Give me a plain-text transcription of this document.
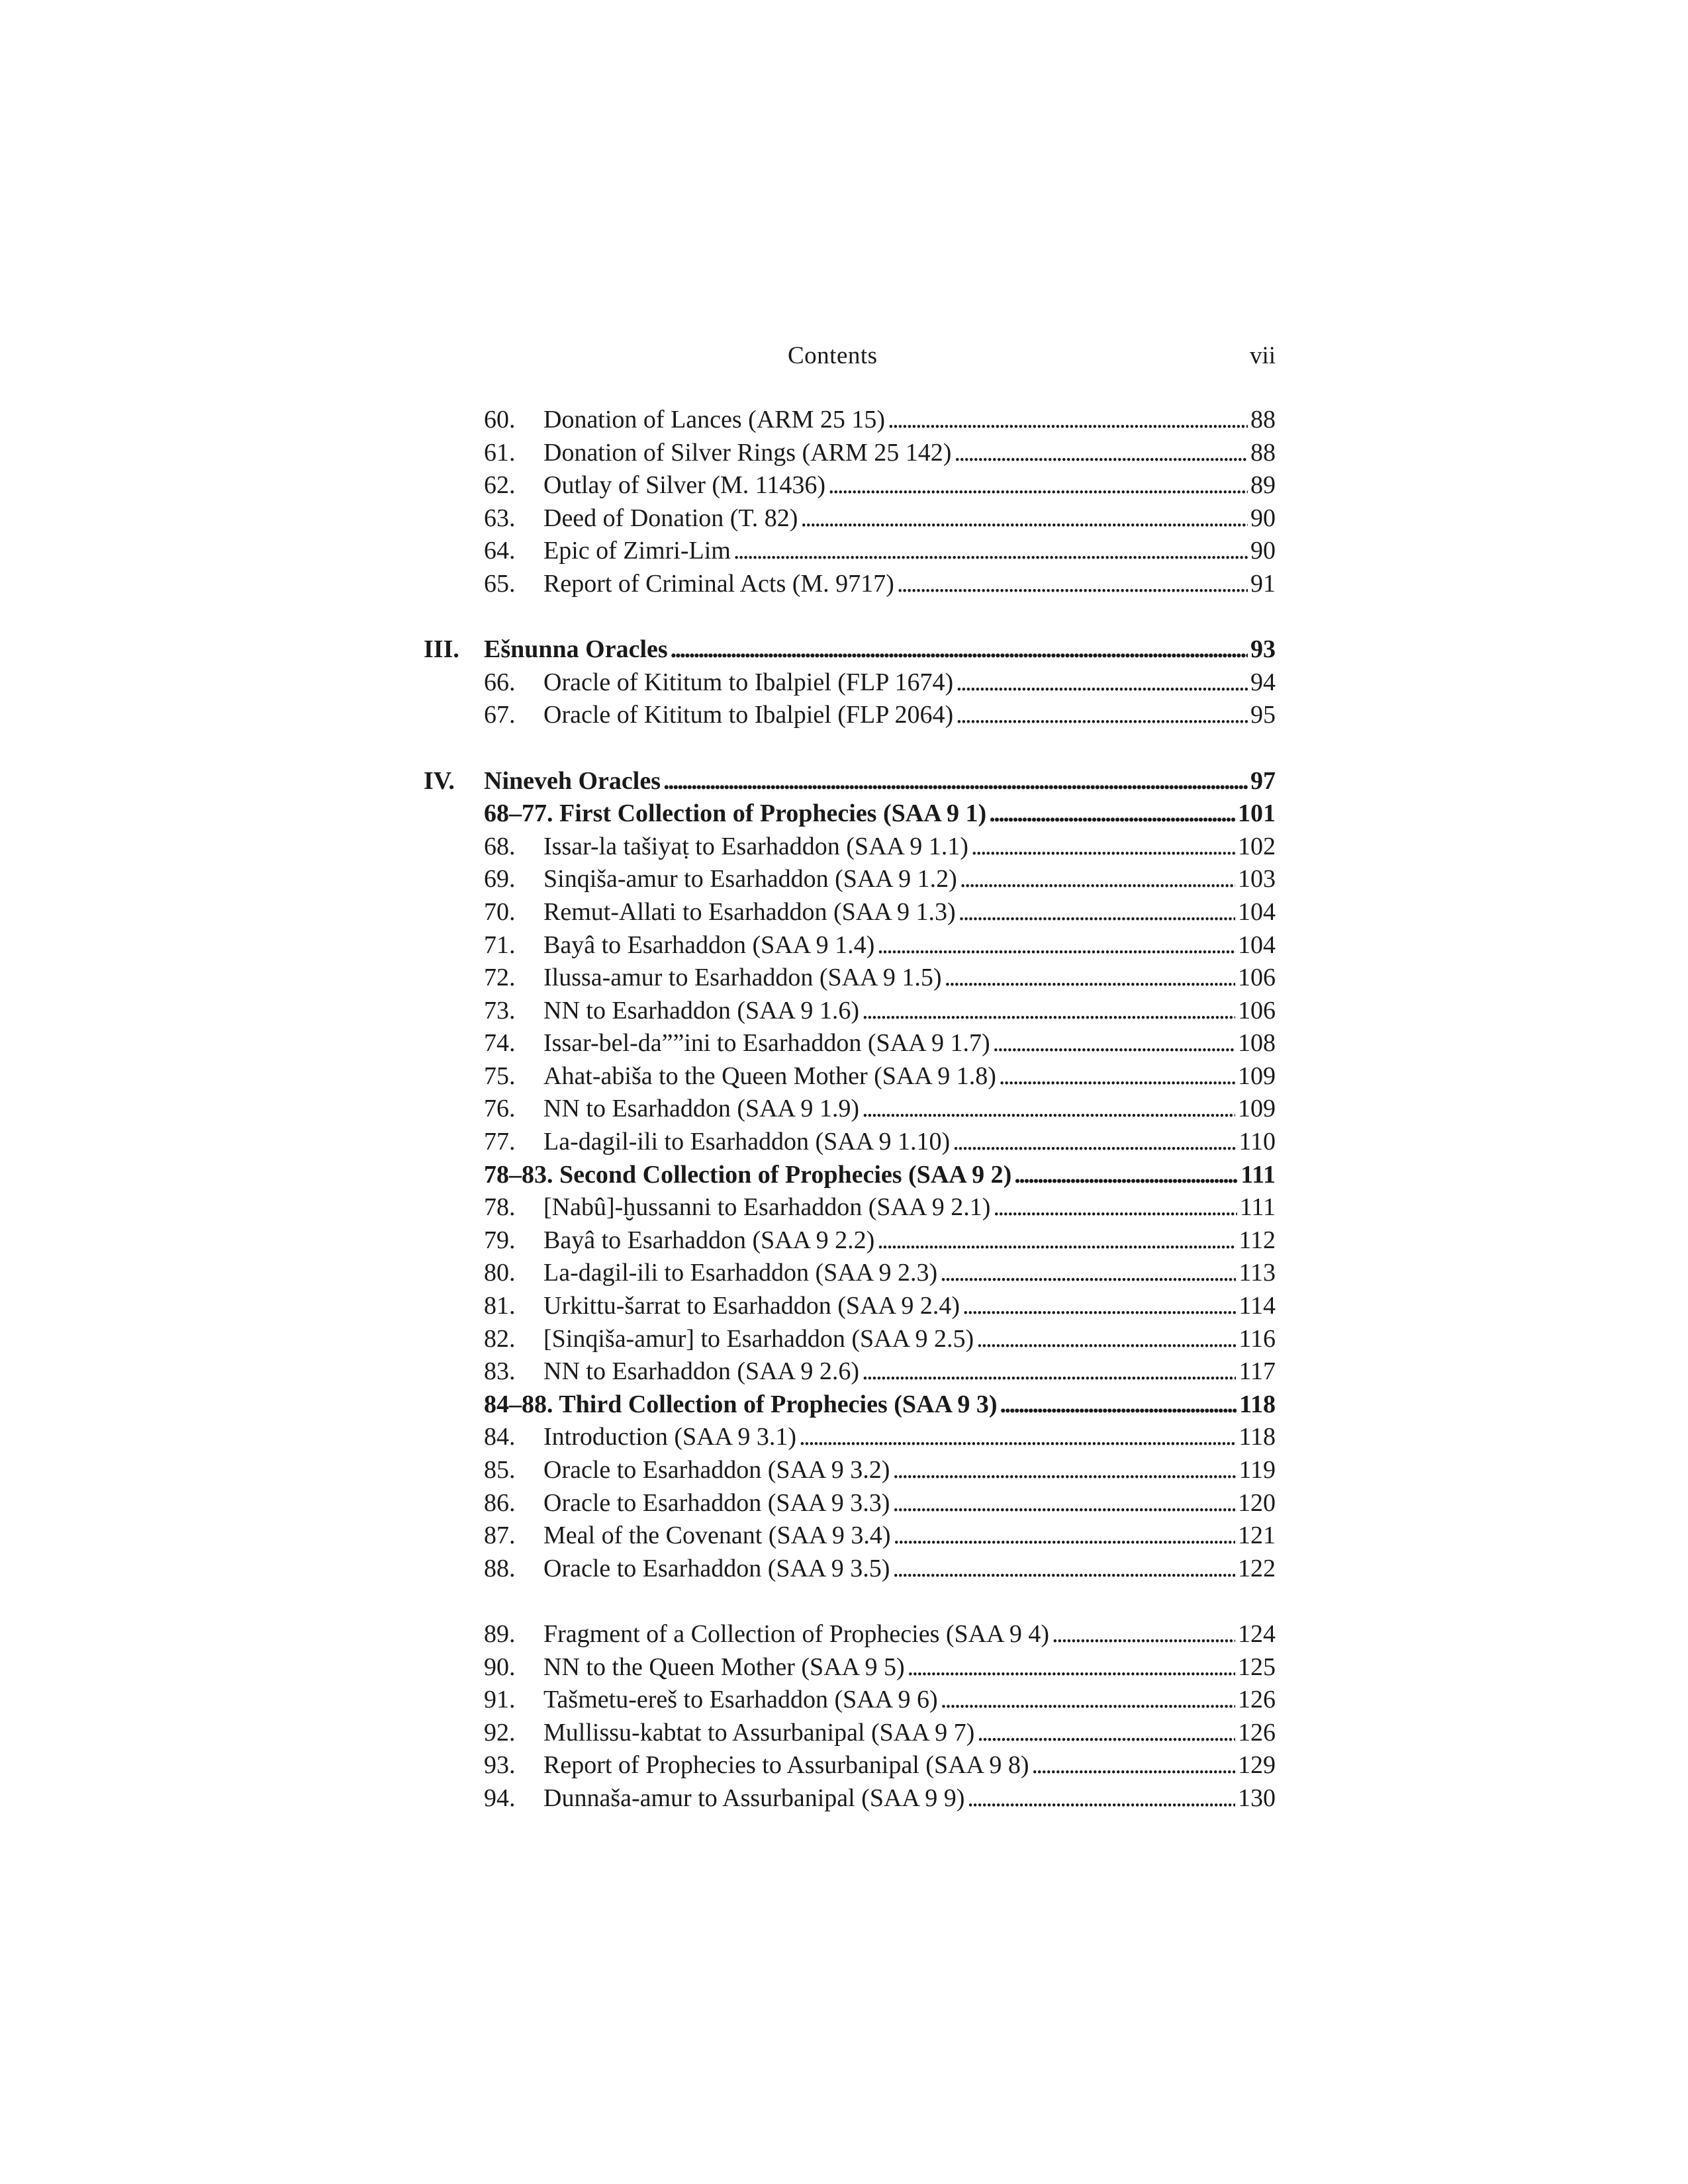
Contents	vii
60.	Donation of Lances (ARM 25 15) . . .	88
61.	Donation of Silver Rings (ARM 25 142) . . .	88
62.	Outlay of Silver (M. 11436) . . .	89
63.	Deed of Donation (T. 82) . . .	90
64.	Epic of Zimri-Lim . . .	90
65.	Report of Criminal Acts (M. 9717) . . .	91
III. Ešnunna Oracles . . .	93
66.	Oracle of Kititum to Ibalpiel (FLP 1674) . . .	94
67.	Oracle of Kititum to Ibalpiel (FLP 2064) . . .	95
IV.	Nineveh Oracles . . .	97
68–77. First Collection of Prophecies (SAA 9 1) . . .	101
68.	Issar-la tašiyaṭ to Esarhaddon (SAA 9 1.1) . . .	102
69.	Sinqiša-amur to Esarhaddon (SAA 9 1.2) . . .	103
70.	Remut-Allati to Esarhaddon (SAA 9 1.3) . . .	104
71.	Bayâ to Esarhaddon (SAA 9 1.4) . . .	104
72.	Ilussa-amur to Esarhaddon (SAA 9 1.5) . . .	106
73.	NN to Esarhaddon (SAA 9 1.6) . . .	106
74.	Issar-bel-da””ini to Esarhaddon (SAA 9 1.7) . . .	108
75.	Ahat-abiša to the Queen Mother (SAA 9 1.8) . . .	109
76.	NN to Esarhaddon (SAA 9 1.9) . . .	109
77.	La-dagil-ili to Esarhaddon (SAA 9 1.10) . . .	110
78–83. Second Collection of Prophecies (SAA 9 2) . . .	111
78.	[Nabû]-ḫussanni to Esarhaddon (SAA 9 2.1) . . .	111
79.	Bayâ to Esarhaddon (SAA 9 2.2) . . .	112
80.	La-dagil-ili to Esarhaddon (SAA 9 2.3) . . .	113
81.	Urkittu-šarrat to Esarhaddon (SAA 9 2.4) . . .	114
82.	[Sinqiša-amur] to Esarhaddon (SAA 9 2.5) . . .	116
83.	NN to Esarhaddon (SAA 9 2.6) . . .	117
84–88. Third Collection of Prophecies (SAA 9 3) . . .	118
84.	Introduction (SAA 9 3.1) . . .	118
85.	Oracle to Esarhaddon (SAA 9 3.2) . . .	119
86.	Oracle to Esarhaddon (SAA 9 3.3) . . .	120
87.	Meal of the Covenant (SAA 9 3.4) . . .	121
88.	Oracle to Esarhaddon (SAA 9 3.5) . . .	122
89.	Fragment of a Collection of Prophecies (SAA 9 4) . . .	124
90.	NN to the Queen Mother (SAA 9 5) . . .	125
91.	Tašmetu-ereš to Esarhaddon (SAA 9 6) . . .	126
92.	Mullissu-kabtat to Assurbanipal (SAA 9 7) . . .	126
93.	Report of Prophecies to Assurbanipal (SAA 9 8) . . .	129
94.	Dunnaša-amur to Assurbanipal (SAA 9 9) . . .	130
